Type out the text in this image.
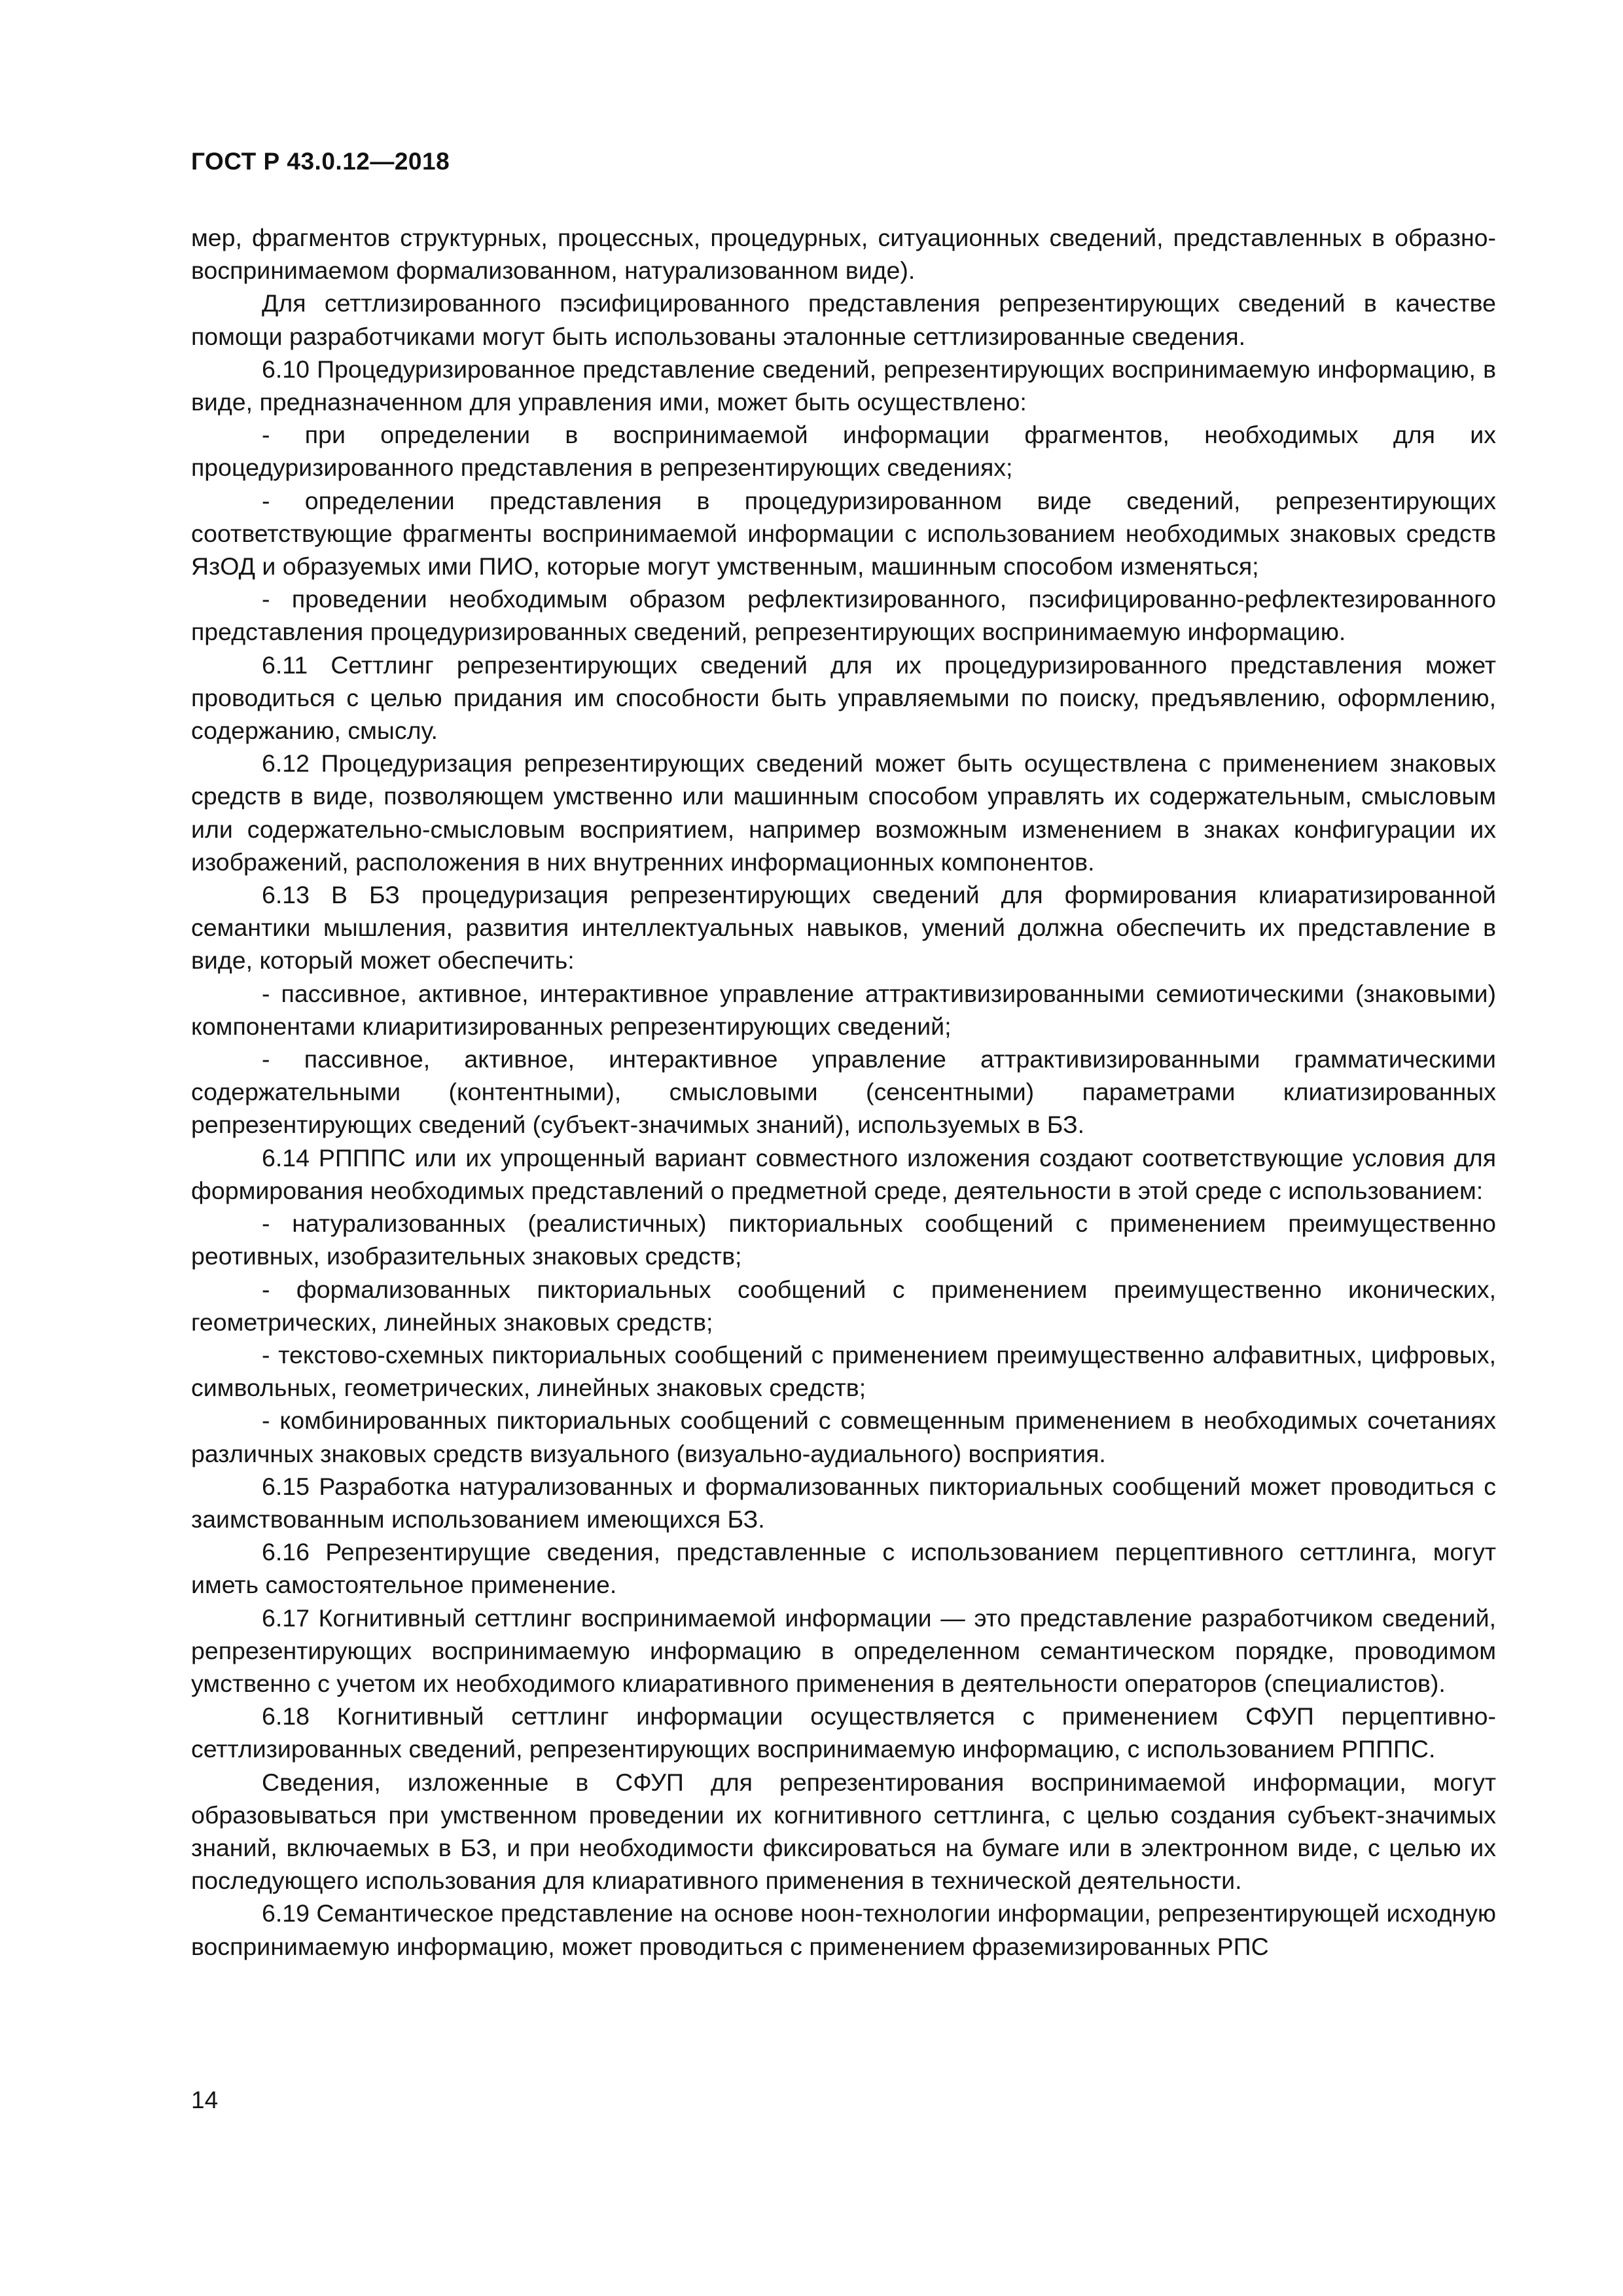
ГОСТ Р 43.0.12—2018

мер, фрагментов структурных, процессных, процедурных, ситуационных сведений, представленных в образно-воспринимаемом формализованном, натурализованном виде).

Для сеттлизированного пэсифицированного представления репрезентирующих сведений в качестве помощи разработчиками могут быть использованы эталонные сеттлизированные сведения.

6.10 Процедуризированное представление сведений, репрезентирующих воспринимаемую информацию, в виде, предназначенном для управления ими, может быть осуществлено:

- при определении в воспринимаемой информации фрагментов, необходимых для их процедуризированного представления в репрезентирующих сведениях;

- определении представления в процедуризированном виде сведений, репрезентирующих соответствующие фрагменты воспринимаемой информации с использованием необходимых знаковых средств ЯзОД и образуемых ими ПИО, которые могут умственным, машинным способом изменяться;

- проведении необходимым образом рефлектизированного, пэсифицированно-рефлектезированного представления процедуризированных сведений, репрезентирующих воспринимаемую информацию.

6.11 Сеттлинг репрезентирующих сведений для их процедуризированного представления может проводиться с целью придания им способности быть управляемыми по поиску, предъявлению, оформлению, содержанию, смыслу.

6.12 Процедуризация репрезентирующих сведений может быть осуществлена с применением знаковых средств в виде, позволяющем умственно или машинным способом управлять их содержательным, смысловым или содержательно-смысловым восприятием, например возможным изменением в знаках конфигурации их изображений, расположения в них внутренних информационных компонентов.

6.13 В БЗ процедуризация репрезентирующих сведений для формирования клиаратизированной семантики мышления, развития интеллектуальных навыков, умений должна обеспечить их представление в виде, который может обеспечить:

- пассивное, активное, интерактивное управление аттрактивизированными семиотическими (знаковыми) компонентами клиаритизированных репрезентирующих сведений;

- пассивное, активное, интерактивное управление аттрактивизированными грамматическими содержательными (контентными), смысловыми (сенсентными) параметрами клиатизированных репрезентирующих сведений (субъект-значимых знаний), используемых в БЗ.

6.14 РПППС или их упрощенный вариант совместного изложения создают соответствующие условия для формирования необходимых представлений о предметной среде, деятельности в этой среде с использованием:

- натурализованных (реалистичных) пикториальных сообщений с применением преимущественно реотивных, изобразительных знаковых средств;

- формализованных пикториальных сообщений с применением преимущественно иконических, геометрических, линейных знаковых средств;

- текстово-схемных пикториальных сообщений с применением преимущественно алфавитных, цифровых, символьных, геометрических, линейных знаковых средств;

- комбинированных пикториальных сообщений с совмещенным применением в необходимых сочетаниях различных знаковых средств визуального (визуально-аудиального) восприятия.

6.15 Разработка натурализованных и формализованных пикториальных сообщений может проводиться с заимствованным использованием имеющихся БЗ.

6.16 Репрезентирущие сведения, представленные с использованием перцептивного сеттлинга, могут иметь самостоятельное применение.

6.17 Когнитивный сеттлинг воспринимаемой информации — это представление разработчиком сведений, репрезентирующих воспринимаемую информацию в определенном семантическом порядке, проводимом умственно с учетом их необходимого клиаративного применения в деятельности операторов (специалистов).

6.18 Когнитивный сеттлинг информации осуществляется с применением СФУП перцептивно-сеттлизированных сведений, репрезентирующих воспринимаемую информацию, с использованием РПППС.

Сведения, изложенные в СФУП для репрезентирования воспринимаемой информации, могут образовываться при умственном проведении их когнитивного сеттлинга, с целью создания субъект-значимых знаний, включаемых в БЗ, и при необходимости фиксироваться на бумаге или в электронном виде, с целью их последующего использования для клиаративного применения в технической деятельности.

6.19 Семантическое представление на основе ноон-технологии информации, репрезентирующей исходную воспринимаемую информацию, может проводиться с применением фраземизированных РПС

14
